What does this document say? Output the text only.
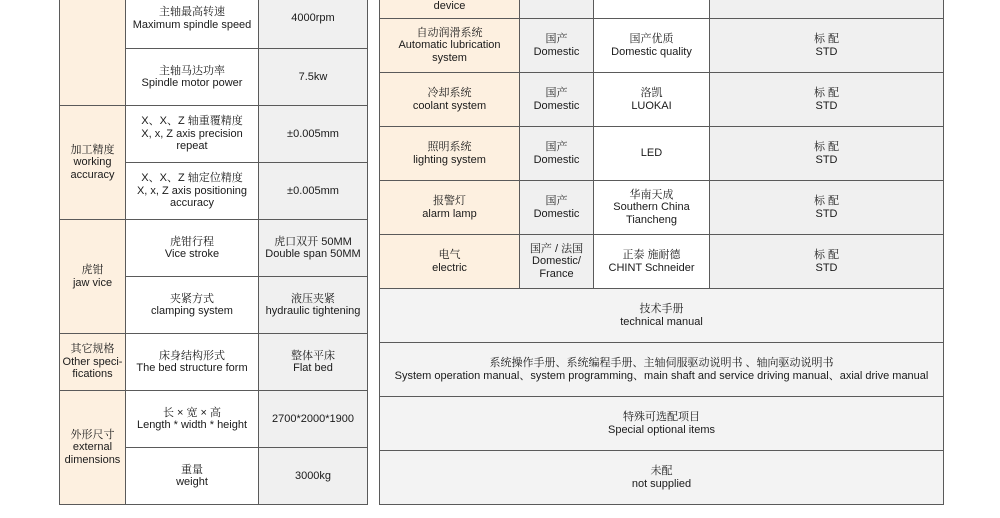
主轴最高转速
Maximum spindle speed	4000rpm

	主轴马达功率
Spindle motor power	7.5kw

加工精度
working accuracy	X、X、Z 轴重覆精度
X, x, Z axis precision repeat	±0.005mm

	X、X、Z 轴定位精度
X, x, Z axis positioning accuracy	±0.005mm

虎钳
jaw vice	虎钳行程
Vice stroke	虎口双开 50MM
Double span 50MM

	夹紧方式
clamping system	液压夹紧
hydraulic tightening

其它规格
Other speci-fications	床身结构形式
The bed structure form	整体平床
Flat bed

外形尺寸
external dimensions	长 × 宽 × 高
Length * width * height	2700*2000*1900

	重量
weight	3000kg
device

自动润滑系统
Automatic lubrication system	国产
Domestic	国产优质
Domestic quality	标 配
STD

冷却系统
coolant system	国产
Domestic	洛凯
LUOKAI	标 配
STD

照明系统
lighting system	国产
Domestic	LED	标 配
STD

报警灯
alarm lamp	国产
Domestic	华南天成
Southern China Tiancheng	标 配
STD

电气
electric	国产 / 法国
Domestic/ France	正泰 施耐德
CHINT Schneider	标 配
STD

技术手册
technical manual			

系统操作手册、系统编程手册、主轴伺服驱动说明书 、轴向驱动说明书
System operation manual、system programming、main shaft and service driving manual、axial drive manual			

特殊可选配项目
Special optional items			

未配
not supplied			
